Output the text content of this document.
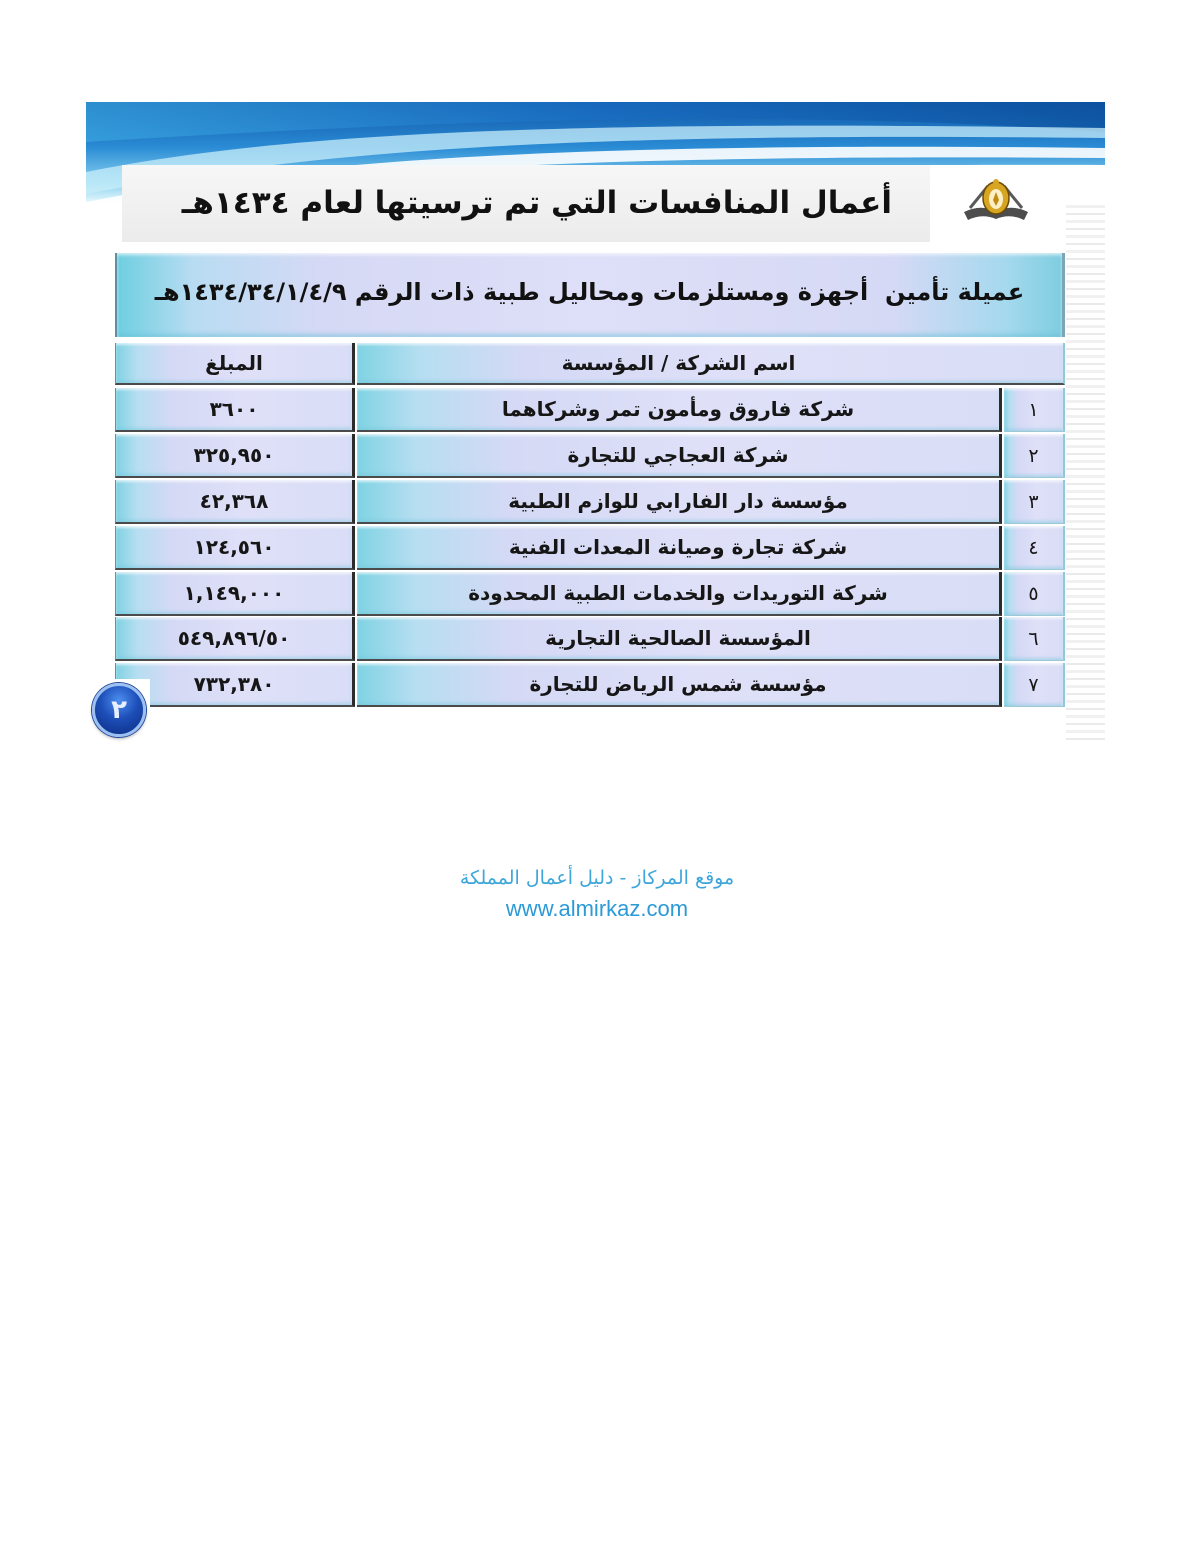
أعمال المنافسات التي تم ترسيتها لعام ١٤٣٤هـ
عميلة تأمين  أجهزة ومستلزمات ومحاليل طبية ذات الرقم ١٤٣٤/٣٤/١/٤/٩هـ
المبلغ	اسم الشركة / المؤسسة
٣٦٠٠	شركة فاروق ومأمون تمر وشركاهما	١
٣٢٥,٩٥٠	شركة العجاجي للتجارة	٢
٤٢,٣٦٨	مؤسسة دار الفارابي للوازم الطبية	٣
١٢٤,٥٦٠	شركة تجارة وصيانة المعدات الفنية	٤
١,١٤٩,٠٠٠	شركة التوريدات والخدمات الطبية المحدودة	٥
٥٤٩,٨٩٦/٥٠	المؤسسة الصالحية التجارية	٦
٧٣٢,٣٨٠	مؤسسة شمس الرياض للتجارة	٧
٢
موقع المركاز - دليل أعمال المملكة
www.almirkaz.com
